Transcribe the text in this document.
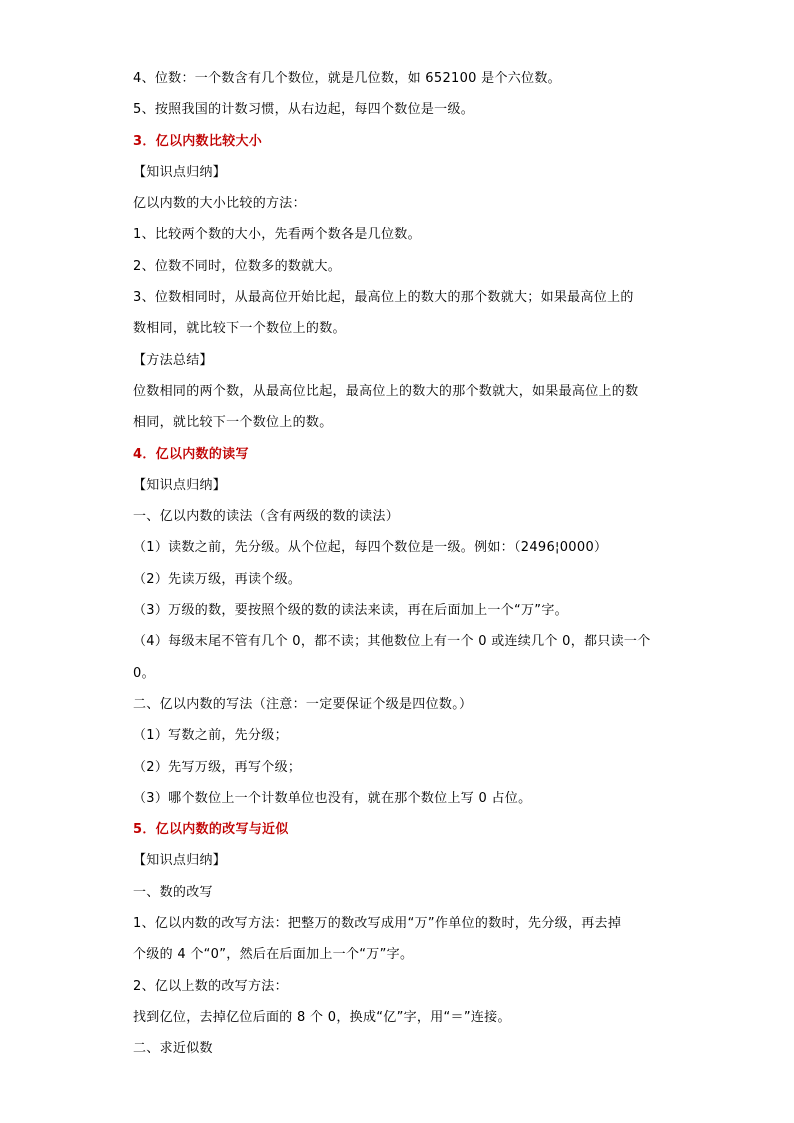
4、位数：一个数含有几个数位，就是几位数，如 652100 是个六位数。
5、按照我国的计数习惯，从右边起，每四个数位是一级。
3．亿以内数比较大小
【知识点归纳】
亿以内数的大小比较的方法：
1、比较两个数的大小，先看两个数各是几位数。
2、位数不同时，位数多的数就大。
3、位数相同时，从最高位开始比起，最高位上的数大的那个数就大；如果最高位上的
数相同，就比较下一个数位上的数。
【方法总结】
位数相同的两个数，从最高位比起，最高位上的数大的那个数就大，如果最高位上的数
相同，就比较下一个数位上的数。
4．亿以内数的读写
【知识点归纳】
一、亿以内数的读法（含有两级的数的读法）
（1）读数之前，先分级。从个位起，每四个数位是一级。例如：（2496¦0000）
（2）先读万级，再读个级。
（3）万级的数，要按照个级的数的读法来读，再在后面加上一个“万”字。
（4）每级末尾不管有几个 0，都不读；其他数位上有一个 0 或连续几个 0，都只读一个
0。
二、亿以内数的写法（注意：一定要保证个级是四位数。）
（1）写数之前，先分级；
（2）先写万级，再写个级；
（3）哪个数位上一个计数单位也没有，就在那个数位上写 0 占位。
5．亿以内数的改写与近似
【知识点归纳】
一、数的改写
1、亿以内数的改写方法：把整万的数改写成用“万”作单位的数时，先分级，再去掉
个级的 4 个“0”，然后在后面加上一个“万”字。
2、亿以上数的改写方法：
找到亿位，去掉亿位后面的 8 个 0，换成“亿”字，用“＝”连接。
二、求近似数
